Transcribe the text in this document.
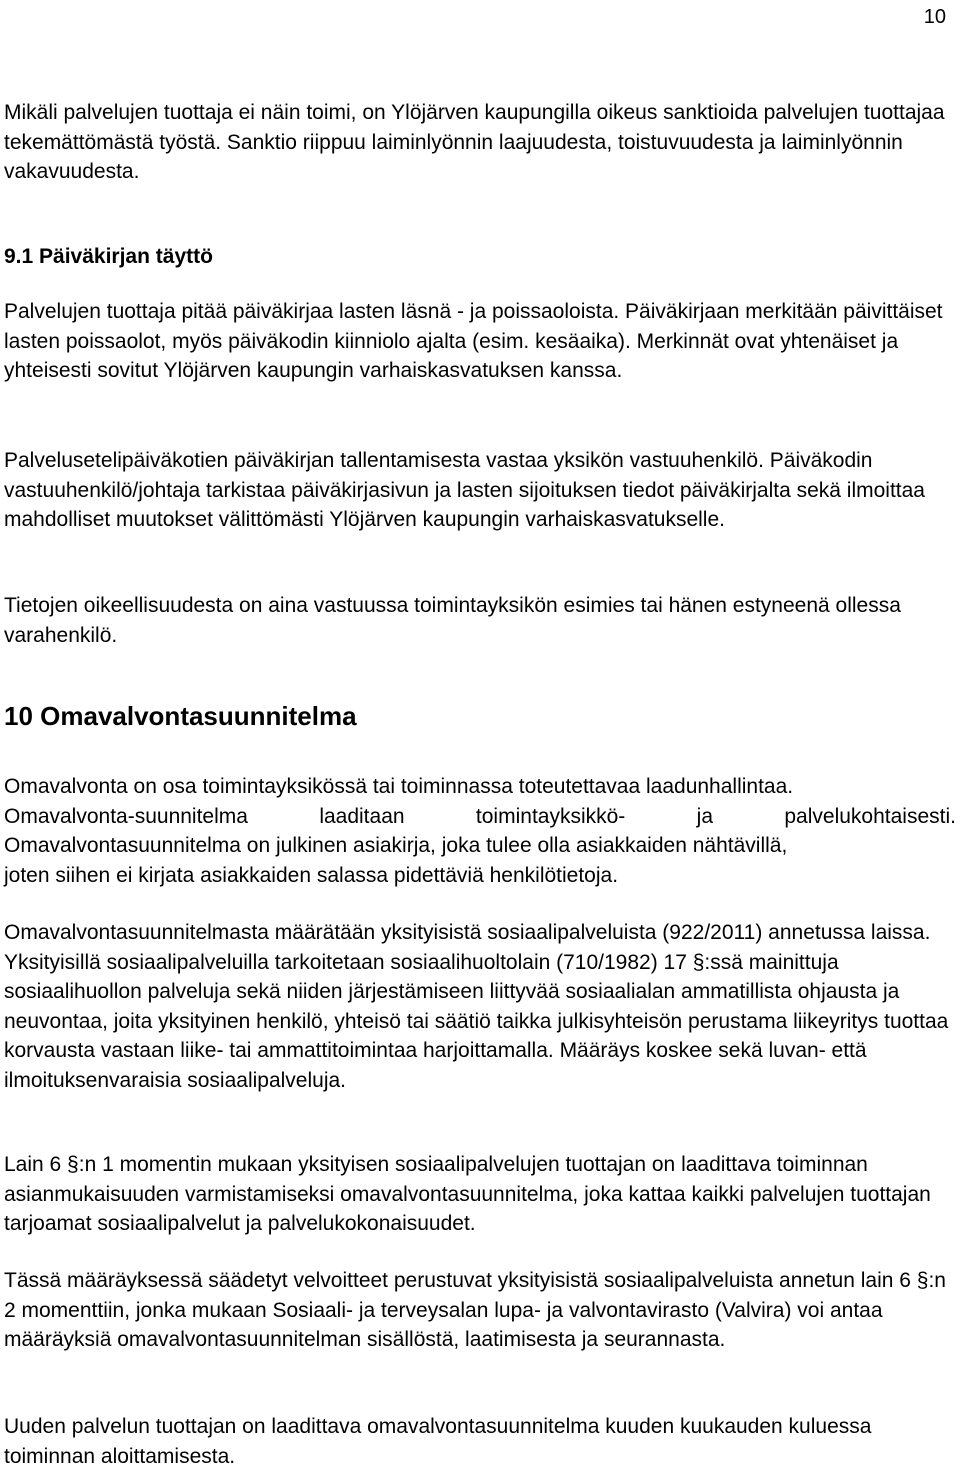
10

Mikäli palvelujen tuottaja ei näin toimi, on Ylöjärven kaupungilla oikeus sanktioida palvelujen tuottajaa tekemättömästä työstä. Sanktio riippuu laiminlyönnin laajuudesta, toistuvuudesta ja laiminlyönnin vakavuudesta.

9.1 Päiväkirjan täyttö

Palvelujen tuottaja pitää päiväkirjaa lasten läsnä - ja poissaoloista. Päiväkirjaan merkitään päivittäiset lasten poissaolot, myös päiväkodin kiinniolo ajalta (esim. kesäaika). Merkinnät ovat yhtenäiset ja yhteisesti sovitut Ylöjärven kaupungin varhaiskasvatuksen kanssa.

Palvelusetelipäiväkotien päiväkirjan tallentamisesta vastaa yksikön vastuuhenkilö. Päiväkodin vastuuhenkilö/johtaja tarkistaa päiväkirjasivun ja lasten sijoituksen tiedot päiväkirjalta sekä ilmoittaa mahdolliset muutokset välittömästi Ylöjärven kaupungin varhaiskasvatukselle.

Tietojen oikeellisuudesta on aina vastuussa toimintayksikön esimies tai hänen estyneenä ollessa varahenkilö.

10 Omavalvontasuunnitelma
Omavalvonta on osa toimintayksikössä tai toiminnassa toteutettavaa laadunhallintaa.
Omavalvonta-suunnitelma	laaditaan	toimintayksikkö-	ja	palvelukohtaisesti.
Omavalvontasuunnitelma on julkinen asiakirja, joka tulee olla asiakkaiden nähtävillä,
joten siihen ei kirjata asiakkaiden salassa pidettäviä henkilötietoja.

Omavalvontasuunnitelmasta määrätään yksityisistä sosiaalipalveluista (922/2011) annetussa laissa. Yksityisillä sosiaalipalveluilla tarkoitetaan sosiaalihuoltolain (710/1982) 17 §:ssä mainittuja sosiaalihuollon palveluja sekä niiden järjestämiseen liittyvää sosiaalialan ammatillista ohjausta ja neuvontaa, joita yksityinen henkilö, yhteisö tai säätiö taikka julkisyhteisön perustama liikeyritys tuottaa korvausta vastaan liike- tai ammattitoimintaa harjoittamalla. Määräys koskee sekä luvan- että ilmoituksenvaraisia sosiaalipalveluja.

Lain 6 §:n 1 momentin mukaan yksityisen sosiaalipalvelujen tuottajan on laadittava toiminnan asianmukaisuuden varmistamiseksi omavalvontasuunnitelma, joka kattaa kaikki palvelujen tuottajan tarjoamat sosiaalipalvelut ja palvelukokonaisuudet.

Tässä määräyksessä säädetyt velvoitteet perustuvat yksityisistä sosiaalipalveluista annetun lain 6 §:n 2 momenttiin, jonka mukaan Sosiaali- ja terveysalan lupa- ja valvontavirasto (Valvira) voi antaa määräyksiä omavalvontasuunnitelman sisällöstä, laatimisesta ja seurannasta.

Uuden palvelun tuottajan on laadittava omavalvontasuunnitelma kuuden kuukauden kuluessa toiminnan aloittamisesta.
